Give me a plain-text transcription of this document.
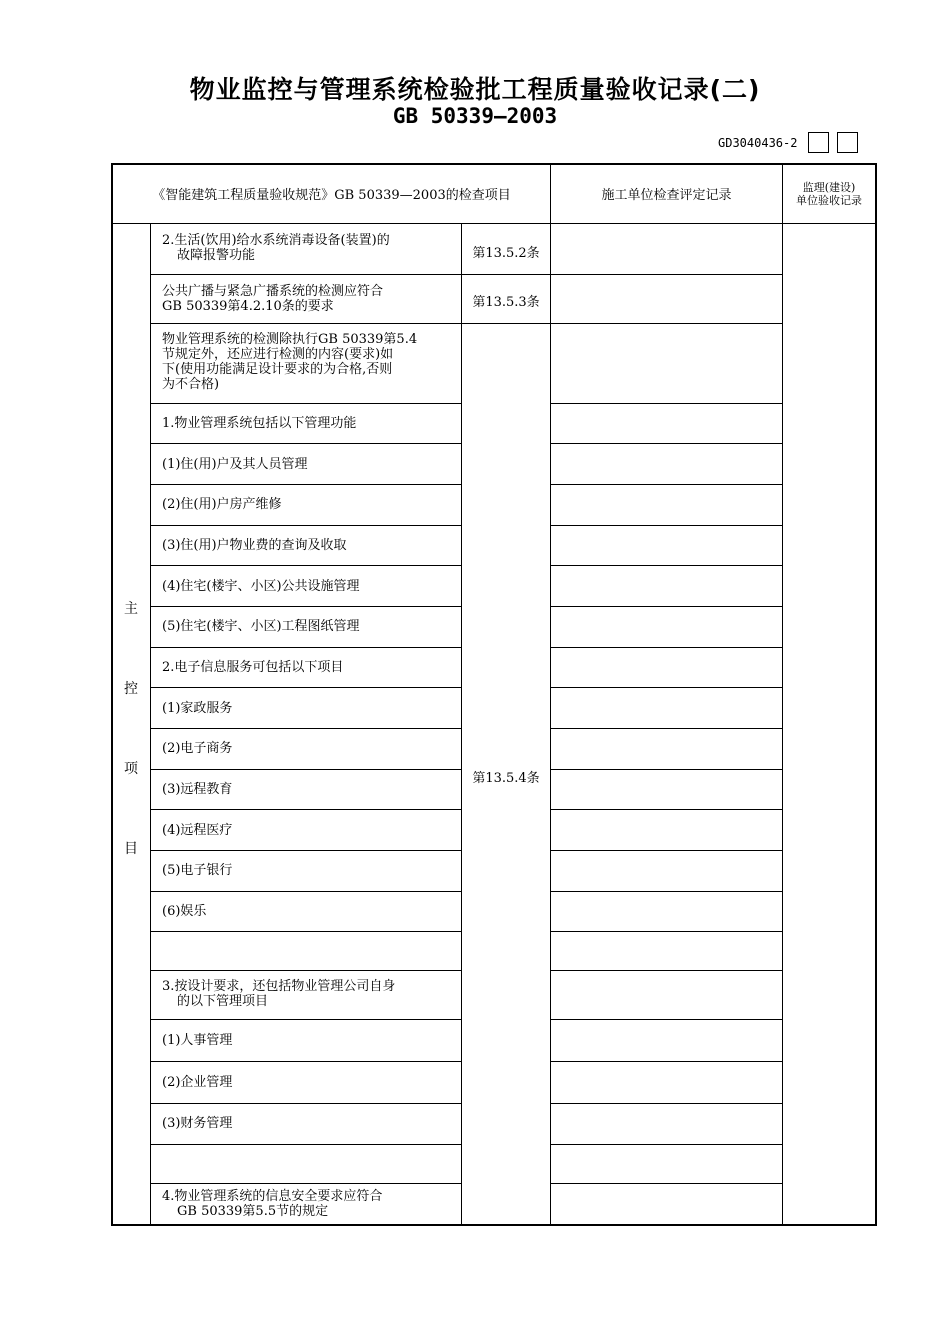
物业监控与管理系统检验批工程质量验收记录(二)
GB 50339—2003
GD3040436-2
《智能建筑工程质量验收规范》GB 50339—2003的检查项目	施工单位检查评定记录
监理(建设)
单位验收记录
主
控
项
目
第13.5.2条
第13.5.3条
第13.5.4条
2.生活(饮用)给水系统消毒设备(装置)的
故障报警功能
公共广播与紧急广播系统的检测应符合
GB 50339第4.2.10条的要求
物业管理系统的检测除执行GB 50339第5.4
节规定外，还应进行检测的内容(要求)如
下(使用功能满足设计要求的为合格,否则
为不合格)
1.物业管理系统包括以下管理功能
(1)住(用)户及其人员管理
(2)住(用)户房产维修
(3)住(用)户物业费的查询及收取
(4)住宅(楼宇、小区)公共设施管理
(5)住宅(楼宇、小区)工程图纸管理
2.电子信息服务可包括以下项目
(1)家政服务
(2)电子商务
(3)远程教育
(4)远程医疗
(5)电子银行
(6)娱乐
3.按设计要求，还包括物业管理公司自身
的以下管理项目
(1)人事管理
(2)企业管理
(3)财务管理
4.物业管理系统的信息安全要求应符合
GB 50339第5.5节的规定
